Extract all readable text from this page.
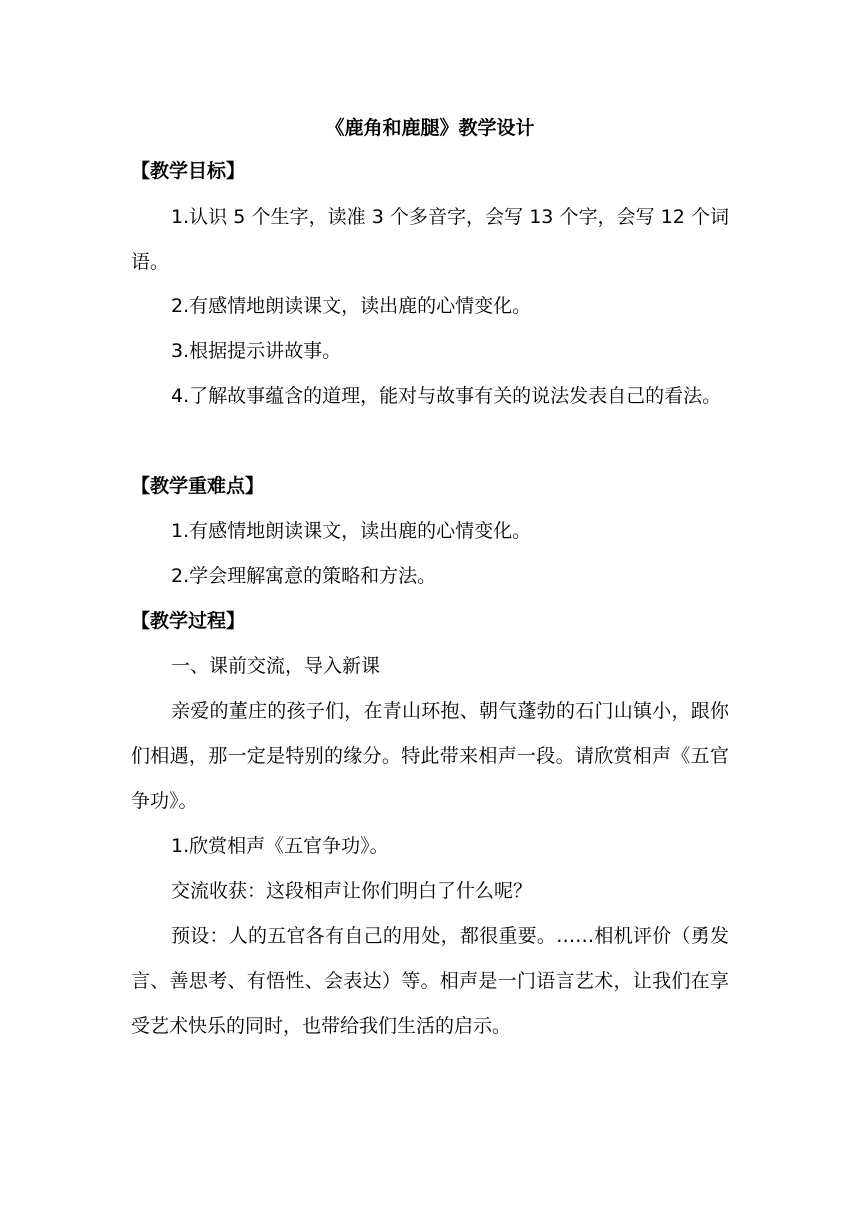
《鹿角和鹿腿》教学设计
【教学目标】
1.认识 5 个生字，读准 3 个多音字，会写 13 个字，会写 12 个词语。
2.有感情地朗读课文，读出鹿的心情变化。
3.根据提示讲故事。
4.了解故事蕴含的道理，能对与故事有关的说法发表自己的看法。
【教学重难点】
1.有感情地朗读课文，读出鹿的心情变化。
2.学会理解寓意的策略和方法。
【教学过程】
一、课前交流，导入新课
亲爱的董庄的孩子们，在青山环抱、朝气蓬勃的石门山镇小，跟你们相遇，那一定是特别的缘分。特此带来相声一段。请欣赏相声《五官争功》。
1.欣赏相声《五官争功》。
交流收获：这段相声让你们明白了什么呢？
预设：人的五官各有自己的用处，都很重要。……相机评价（勇发言、善思考、有悟性、会表达）等。相声是一门语言艺术，让我们在享受艺术快乐的同时，也带给我们生活的启示。
